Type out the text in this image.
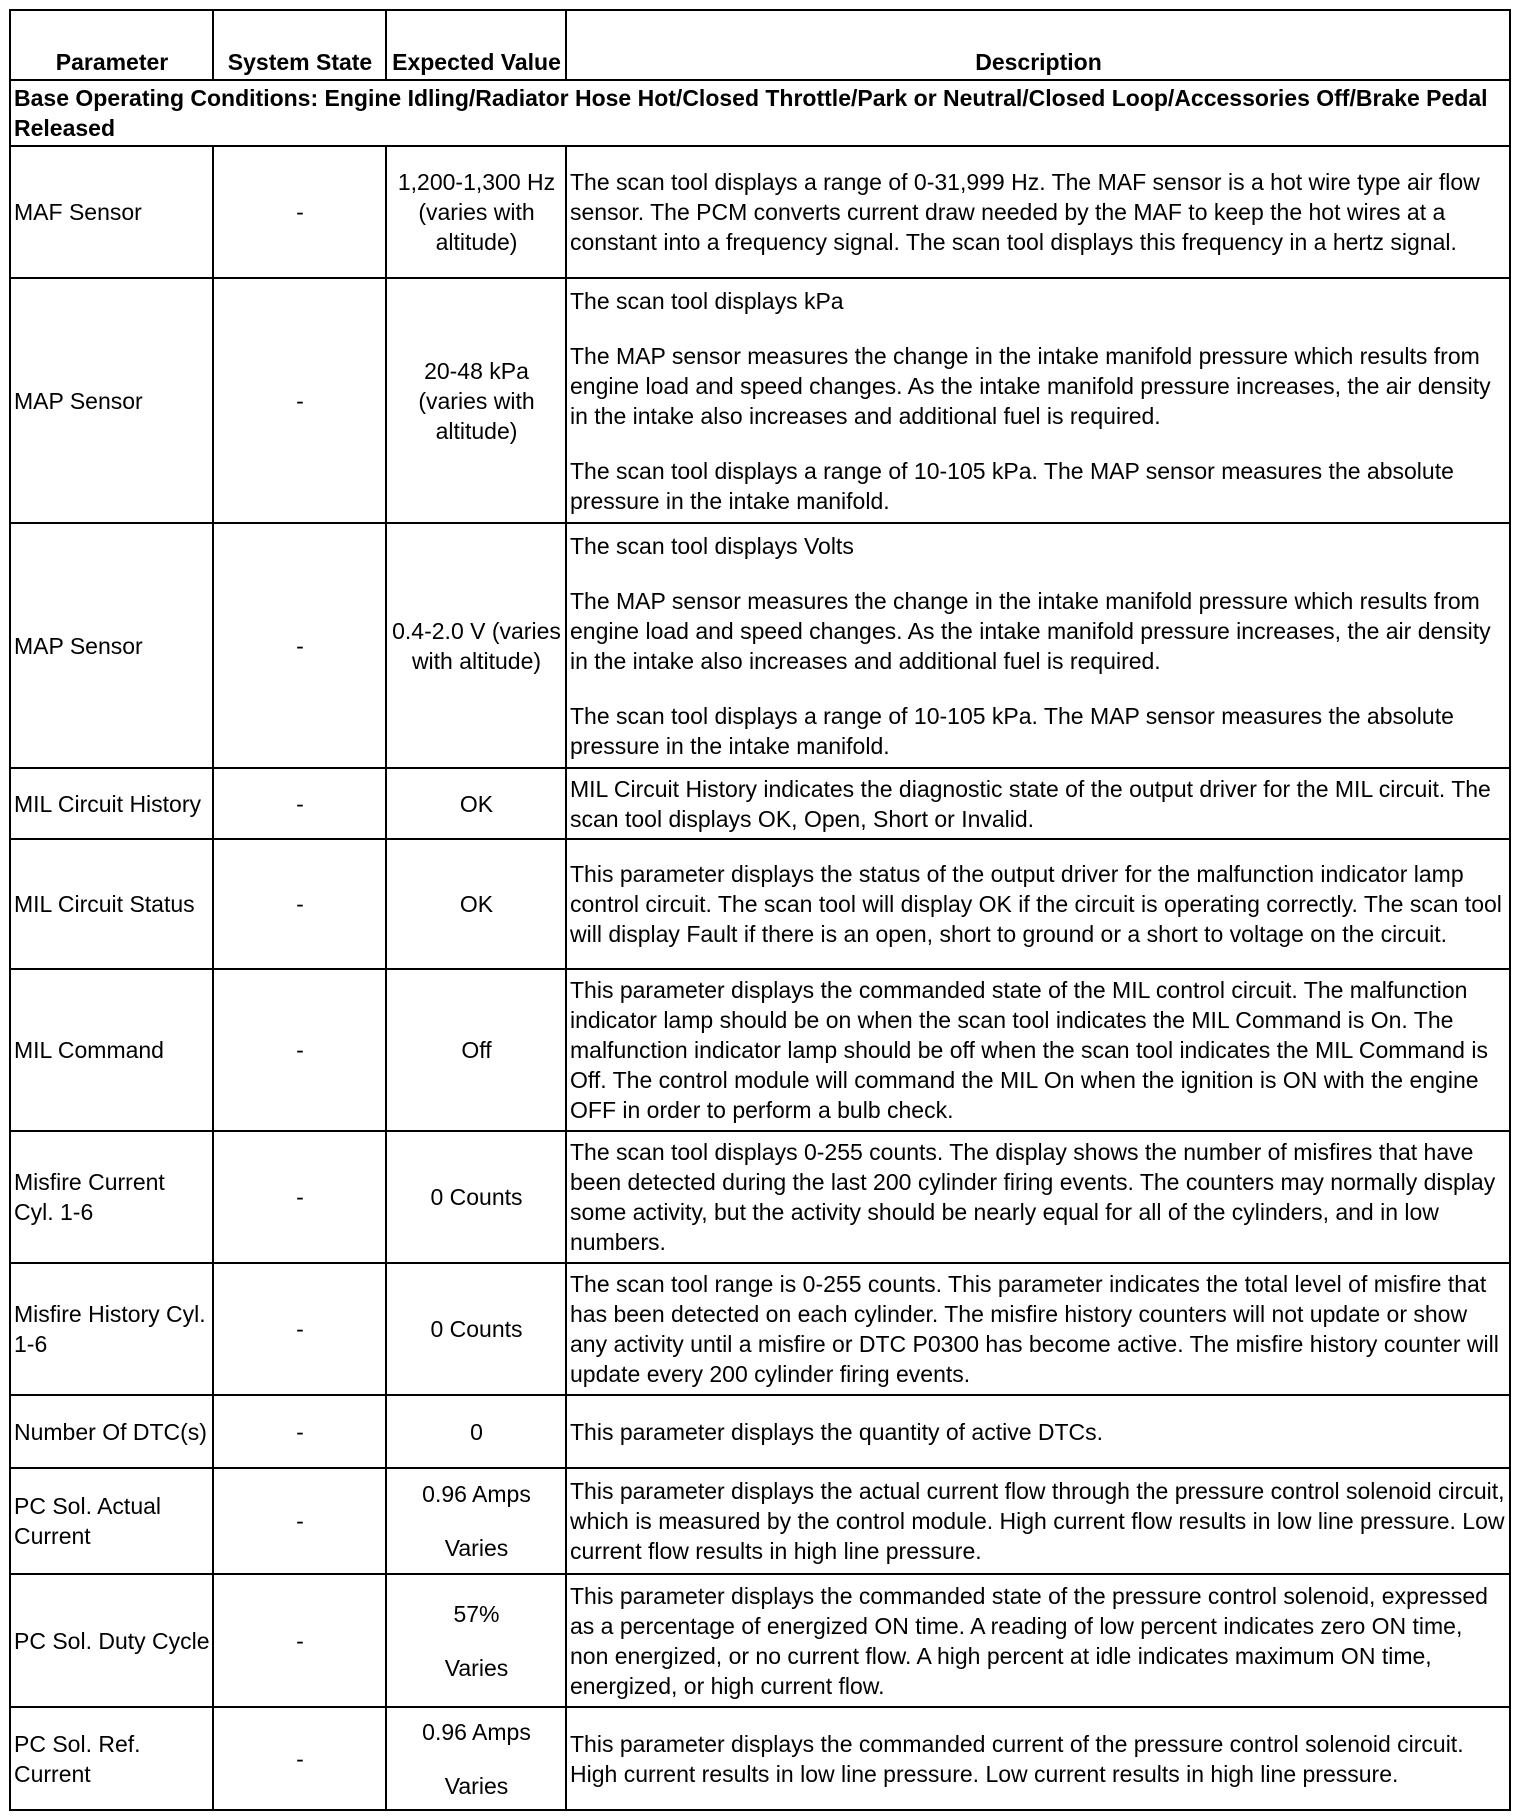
Parameter	System State	Expected Value	Description
Base Operating Conditions: Engine Idling/Radiator Hose Hot/Closed Throttle/Park or Neutral/Closed Loop/Accessories Off/Brake Pedal Released			
MAF Sensor	-	1,200-1,300 Hz (varies with altitude)	The scan tool displays a range of 0-31,999 Hz. The MAF sensor is a hot wire type air flow sensor. The PCM converts current draw needed by the MAF to keep the hot wires at a constant into a frequency signal. The scan tool displays this frequency in a hertz signal.

MAP Sensor	-	20-48 kPa (varies with altitude)	The scan tool displays kPa
The MAP sensor measures the change in the intake manifold pressure which results from engine load and speed changes. As the intake manifold pressure increases, the air density in the intake also increases and additional fuel is required.
The scan tool displays a range of 10-105 kPa. The MAP sensor measures the absolute pressure in the intake manifold.

MAP Sensor	-	0.4-2.0 V (varies with altitude)	The scan tool displays Volts
The MAP sensor measures the change in the intake manifold pressure which results from engine load and speed changes. As the intake manifold pressure increases, the air density in the intake also increases and additional fuel is required.
The scan tool displays a range of 10-105 kPa. The MAP sensor measures the absolute pressure in the intake manifold.

MIL Circuit History	-	OK	MIL Circuit History indicates the diagnostic state of the output driver for the MIL circuit. The scan tool displays OK, Open, Short or Invalid.

MIL Circuit Status	-	OK	This parameter displays the status of the output driver for the malfunction indicator lamp control circuit. The scan tool will display OK if the circuit is operating correctly. The scan tool will display Fault if there is an open, short to ground or a short to voltage on the circuit.

MIL Command	-	Off	This parameter displays the commanded state of the MIL control circuit. The malfunction indicator lamp should be on when the scan tool indicates the MIL Command is On. The malfunction indicator lamp should be off when the scan tool indicates the MIL Command is Off. The control module will command the MIL On when the ignition is ON with the engine OFF in order to perform a bulb check.

Misfire Current Cyl. 1-6	-	0 Counts	The scan tool displays 0-255 counts. The display shows the number of misfires that have been detected during the last 200 cylinder firing events. The counters may normally display some activity, but the activity should be nearly equal for all of the cylinders, and in low numbers.

Misfire History Cyl. 1-6	-	0 Counts	The scan tool range is 0-255 counts. This parameter indicates the total level of misfire that has been detected on each cylinder. The misfire history counters will not update or show any activity until a misfire or DTC P0300 has become active. The misfire history counter will update every 200 cylinder firing events.

Number Of DTC(s)	-	0	This parameter displays the quantity of active DTCs.

PC Sol. Actual Current	-	0.96 Amps
Varies	This parameter displays the actual current flow through the pressure control solenoid circuit, which is measured by the control module. High current flow results in low line pressure. Low current flow results in high line pressure.

PC Sol. Duty Cycle	-	57%
Varies	This parameter displays the commanded state of the pressure control solenoid, expressed as a percentage of energized ON time. A reading of low percent indicates zero ON time, non energized, or no current flow. A high percent at idle indicates maximum ON time, energized, or high current flow.

PC Sol. Ref. Current	-	0.96 Amps
Varies	This parameter displays the commanded current of the pressure control solenoid circuit. High current results in low line pressure. Low current results in high line pressure.
